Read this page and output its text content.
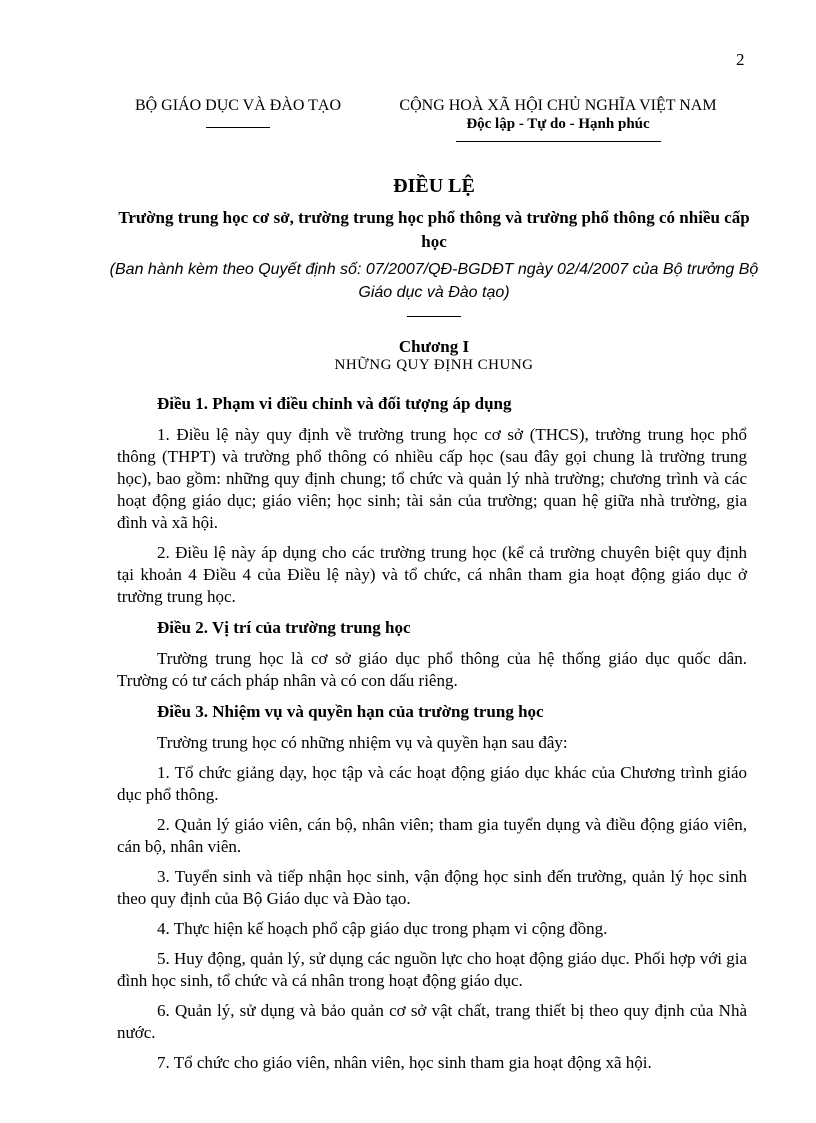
2
BỘ GIÁO DỤC VÀ ĐÀO TẠO	CỘNG HOÀ XÃ HỘI CHỦ NGHĨA VIỆT NAM
Độc lập - Tự do - Hạnh phúc
ĐIỀU LỆ
Trường trung học cơ sở, trường trung học phổ thông và trường phổ thông có nhiều cấp học
(Ban hành kèm theo Quyết định số: 07/2007/QĐ-BGDĐT ngày 02/4/2007 của Bộ trưởng Bộ Giáo dục và Đào tạo)
Chương I
NHỮNG QUY ĐỊNH CHUNG
Điều 1. Phạm vi điều chỉnh và đối tượng áp dụng
1. Điều lệ này quy định về trường trung học cơ sở (THCS), trường trung học phổ thông (THPT) và trường phổ thông có nhiều cấp học (sau đây gọi chung là trường trung học), bao gồm: những quy định chung; tổ chức và quản lý nhà trường; chương trình và các hoạt động giáo dục; giáo viên; học sinh; tài sản của trường; quan hệ giữa nhà trường, gia đình và xã hội.
2. Điều lệ này áp dụng cho các trường trung học (kể cả trường chuyên biệt quy định tại khoản 4 Điều 4 của Điều lệ này) và tổ chức, cá nhân tham gia hoạt động giáo dục ở trường trung học.
Điều 2. Vị trí của trường trung học
Trường trung học là cơ sở giáo dục phổ thông của hệ thống giáo dục quốc dân. Trường có tư cách pháp nhân và có con dấu riêng.
Điều 3. Nhiệm vụ và quyền hạn của trường trung học
Trường trung học có những nhiệm vụ và quyền hạn sau đây:
1. Tổ chức giảng dạy, học tập và các hoạt động giáo dục khác của Chương trình giáo dục phổ thông.
2. Quản lý giáo viên, cán bộ, nhân viên; tham gia tuyển dụng và điều động giáo viên, cán bộ, nhân viên.
3. Tuyển sinh và tiếp nhận học sinh, vận động học sinh đến trường, quản lý học sinh theo quy định của Bộ Giáo dục và Đào tạo.
4. Thực hiện kế hoạch phổ cập giáo dục trong phạm vi cộng đồng.
5. Huy động, quản lý, sử dụng các nguồn lực cho hoạt động giáo dục. Phối hợp với gia đình học sinh, tổ chức và cá nhân trong hoạt động giáo dục.
6. Quản lý, sử dụng và bảo quản cơ sở vật chất, trang thiết bị theo quy định của Nhà nước.
7. Tổ chức cho giáo viên, nhân viên, học sinh tham gia hoạt động xã hội.
